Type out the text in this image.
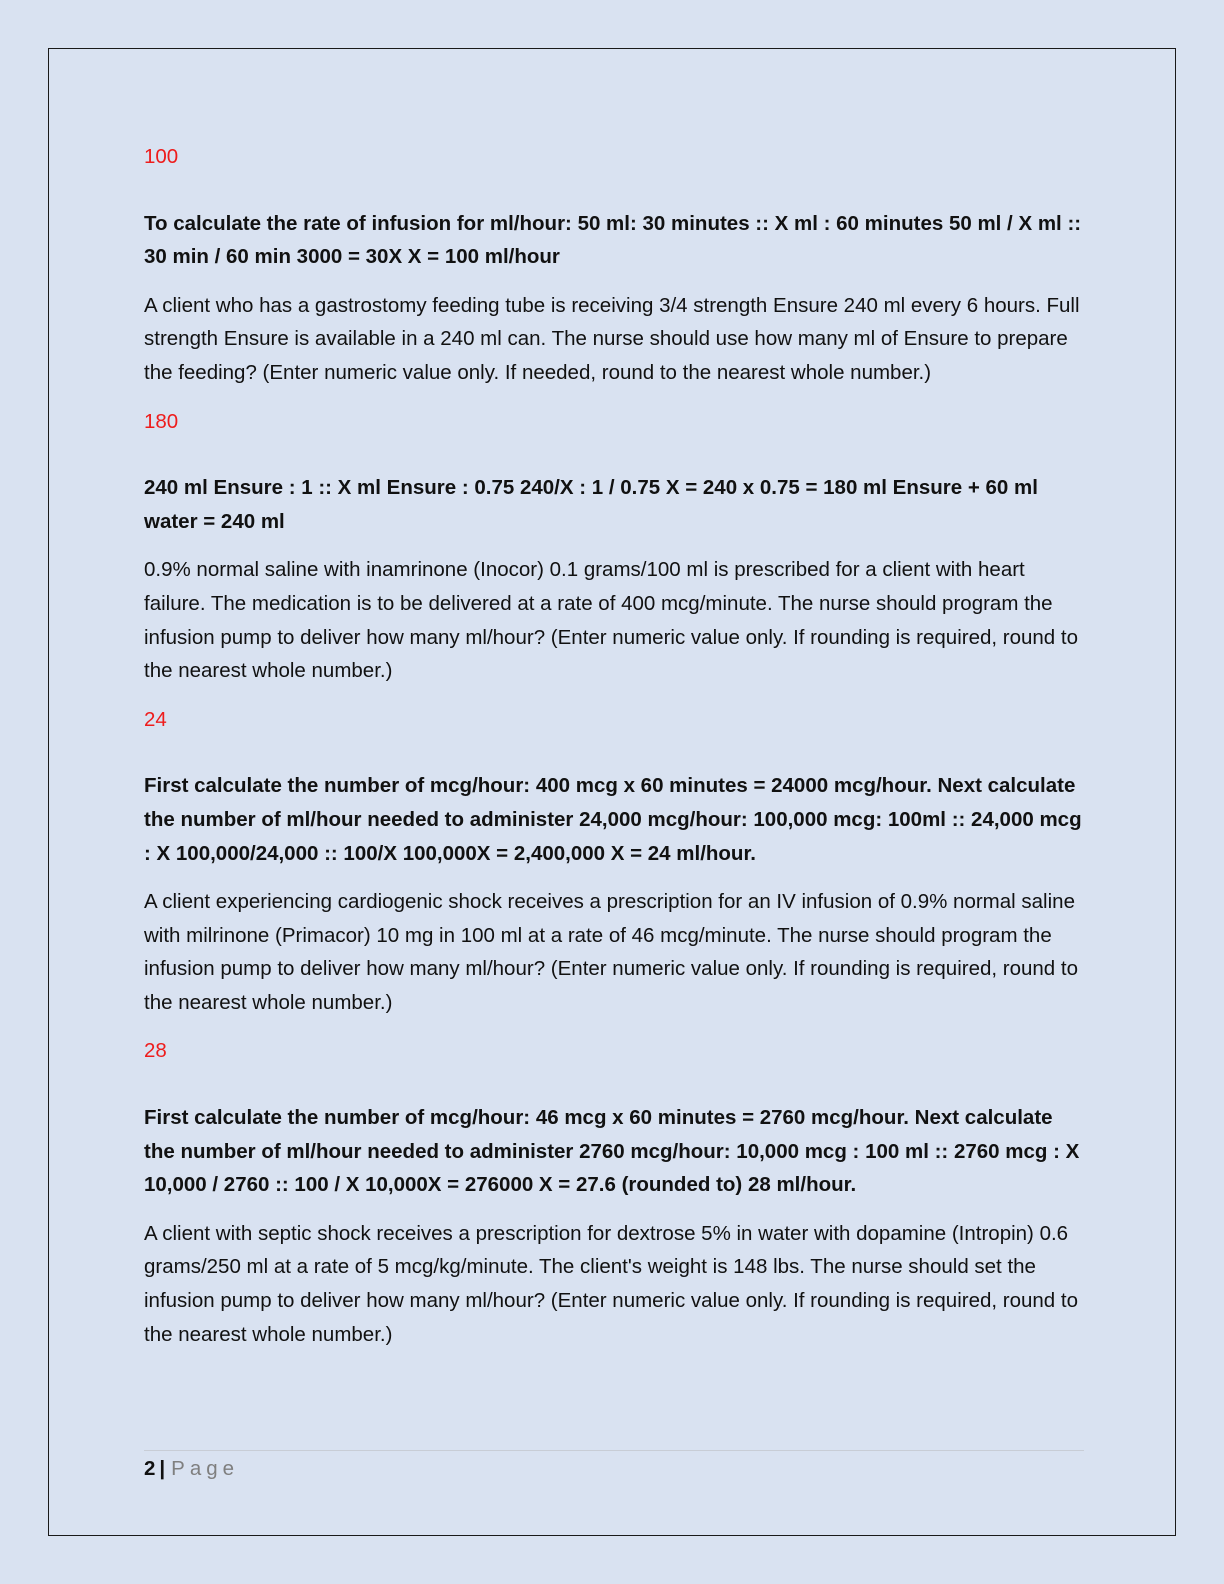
100

To calculate the rate of infusion for ml/hour: 50 ml: 30 minutes :: X ml : 60 minutes 50 ml / X ml :: 30 min / 60 min 3000 = 30X X = 100 ml/hour

A client who has a gastrostomy feeding tube is receiving 3/4 strength Ensure 240 ml every 6 hours. Full strength Ensure is available in a 240 ml can. The nurse should use how many ml of Ensure to prepare the feeding? (Enter numeric value only. If needed, round to the nearest whole number.)

180

240 ml Ensure : 1 :: X ml Ensure : 0.75 240/X : 1 / 0.75 X = 240 x 0.75 = 180 ml Ensure + 60 ml water = 240 ml

0.9% normal saline with inamrinone (Inocor) 0.1 grams/100 ml is prescribed for a client with heart failure. The medication is to be delivered at a rate of 400 mcg/minute. The nurse should program the infusion pump to deliver how many ml/hour? (Enter numeric value only. If rounding is required, round to the nearest whole number.)

24

First calculate the number of mcg/hour: 400 mcg x 60 minutes = 24000 mcg/hour. Next calculate the number of ml/hour needed to administer 24,000 mcg/hour: 100,000 mcg: 100ml :: 24,000 mcg : X 100,000/24,000 :: 100/X 100,000X = 2,400,000 X = 24 ml/hour.

A client experiencing cardiogenic shock receives a prescription for an IV infusion of 0.9% normal saline with milrinone (Primacor) 10 mg in 100 ml at a rate of 46 mcg/minute. The nurse should program the infusion pump to deliver how many ml/hour? (Enter numeric value only. If rounding is required, round to the nearest whole number.)

28

First calculate the number of mcg/hour: 46 mcg x 60 minutes = 2760 mcg/hour. Next calculate the number of ml/hour needed to administer 2760 mcg/hour: 10,000 mcg : 100 ml :: 2760 mcg : X 10,000 / 2760 :: 100 / X 10,000X = 276000 X = 27.6 (rounded to) 28 ml/hour.

A client with septic shock receives a prescription for dextrose 5% in water with dopamine (Intropin) 0.6 grams/250 ml at a rate of 5 mcg/kg/minute. The client's weight is 148 lbs. The nurse should set the infusion pump to deliver how many ml/hour? (Enter numeric value only. If rounding is required, round to the nearest whole number.)

2 | Page
